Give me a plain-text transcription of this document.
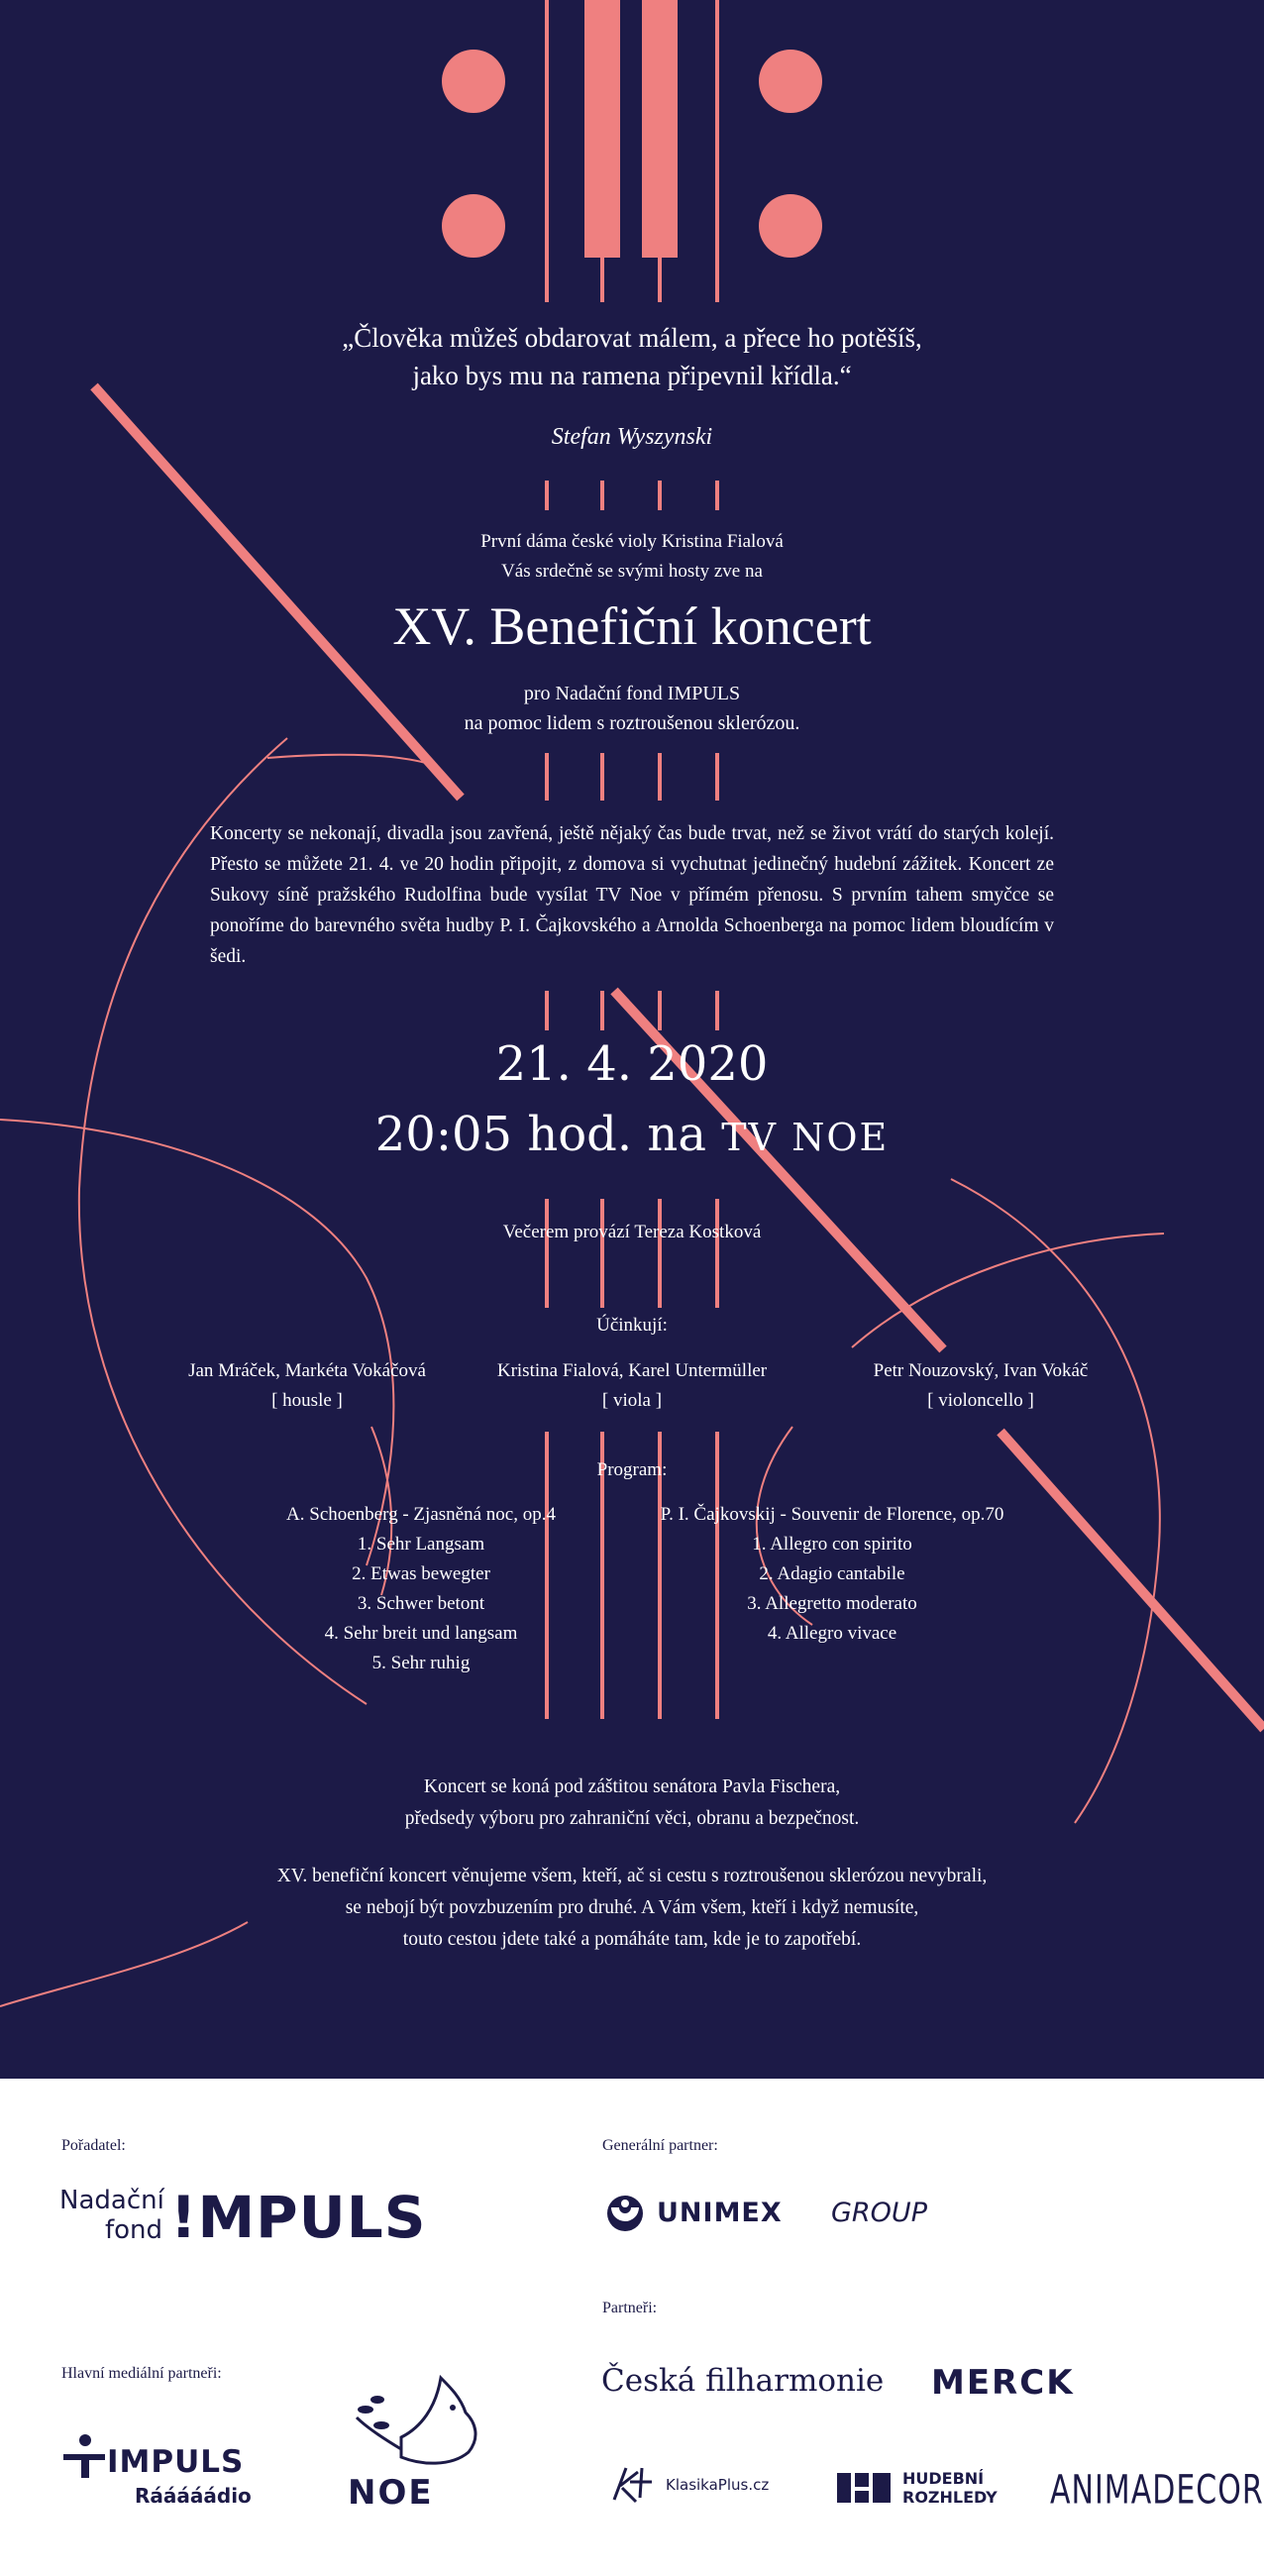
„Člověka můžeš obdarovat málem, a přece ho potěšíš,
jako bys mu na ramena připevnil křídla.“
Stefan Wyszynski
První dáma české violy Kristina Fialová
Vás srdečně se svými hosty zve na
XV. Benefiční koncert
pro Nadační fond IMPULS
na pomoc lidem s roztroušenou sklerózou.
Koncerty se nekonají, divadla jsou zavřená, ještě nějaký čas bude trvat, než se život vrátí do starých kolejí. Přesto se můžete 21. 4. ve 20 hodin připojit, z domova si vychutnat jedinečný hudební zážitek. Koncert ze Sukovy síně pražského Rudolfina bude vysílat TV Noe v přímém přenosu. S prvním tahem smyčce se ponoříme do barevného světa hudby P. I. Čajkovského a Arnolda Schoenberga na pomoc lidem bloudícím v šedi.
21. 4. 2020
20:05 hod. na TV NOE
Večerem provází Tereza Kostková
Účinkují:
Jan Mráček, Markéta Vokáčová
[ housle ]
Kristina Fialová, Karel Untermüller
[ viola ]
Petr Nouzovský, Ivan Vokáč
[ violoncello ]
Program:
A. Schoenberg - Zjasněná noc, op.4
1. Sehr Langsam
2. Etwas bewegter
3. Schwer betont
4. Sehr breit und langsam
5. Sehr ruhig
P. I. Čajkovskij - Souvenir de Florence, op.70
1. Allegro con spirito
2. Adagio cantabile
3. Allegretto moderato
4. Allegro vivace
Koncert se koná pod záštitou senátora Pavla Fischera,
předsedy výboru pro zahraniční věci, obranu a bezpečnost.
XV. benefiční koncert věnujeme všem, kteří, ač si cestu s roztroušenou sklerózou nevybrali,
se nebojí být povzbuzením pro druhé. A Vám všem, kteří i když nemusíte,
touto cestou jdete také a pomáháte tam, kde je to zapotřebí.
Pořadatel:
Nadační
fond !MPULS
Generální partner:
UNIMEX GROUP
Partneři:
Česká filharmonie MERCK
KlasikaPlus.cz	HUDEBNÍ
ROZHLEDY ANIMADECOR
Hlavní mediální partneři:
IMPULS
Rááááádio	NOE
